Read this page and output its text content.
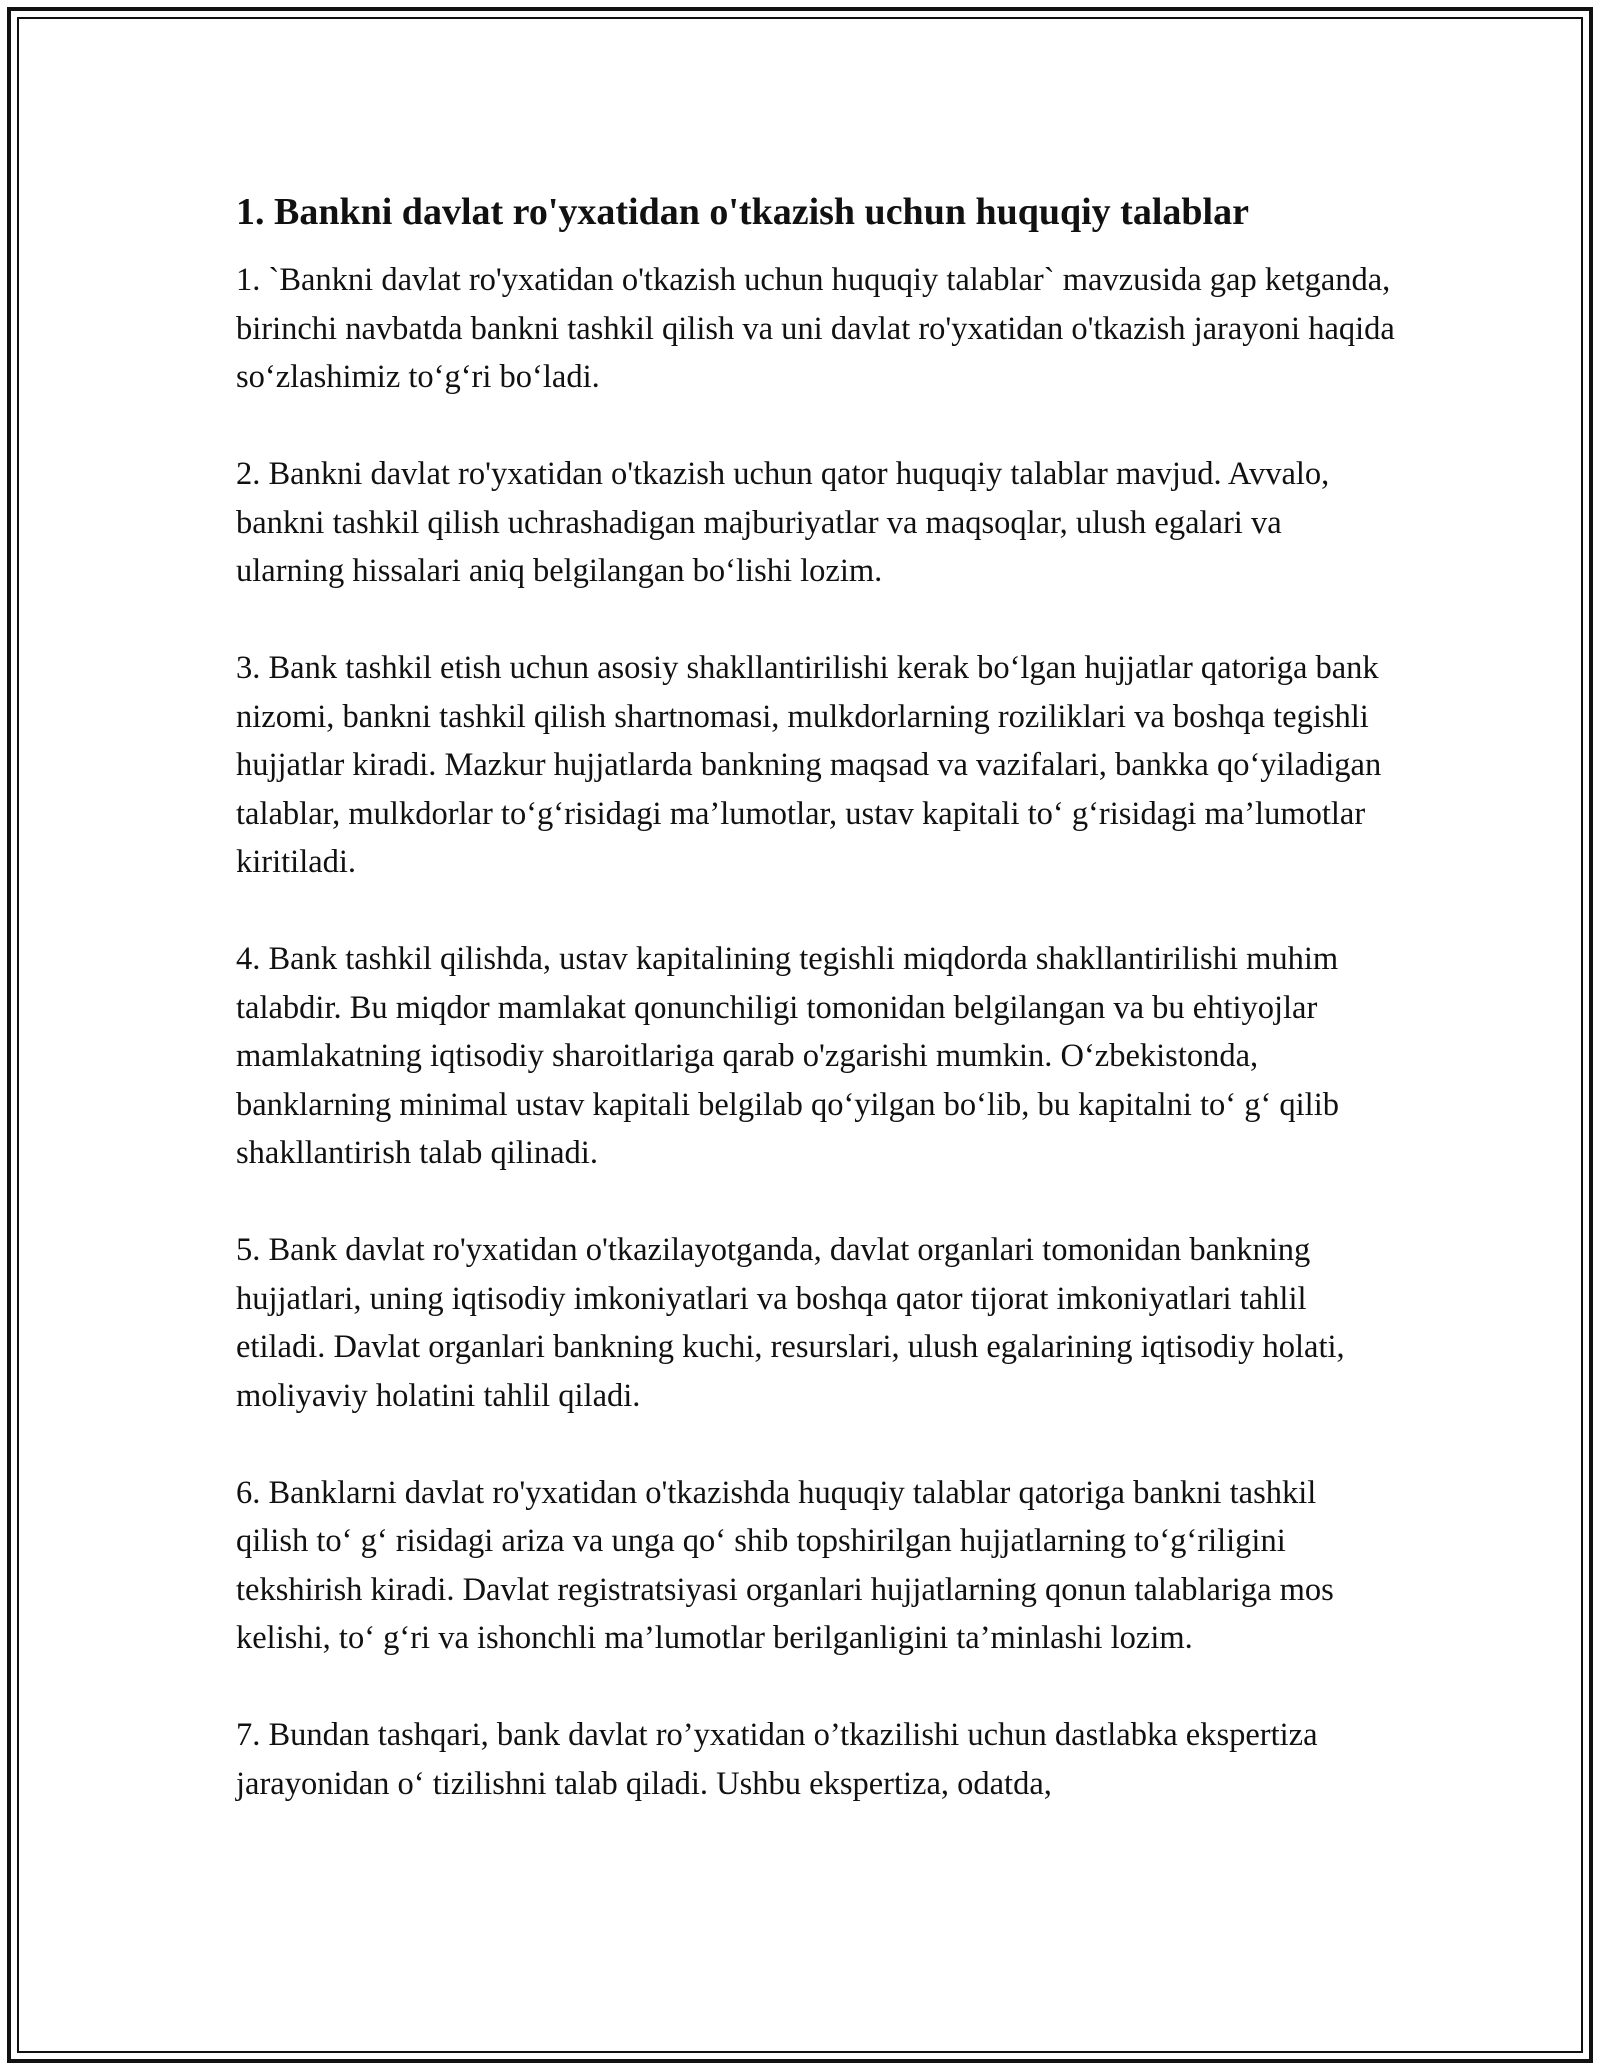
1. Bankni davlat ro'yxatidan o'tkazish uchun huquqiy talablar

1. `Bankni davlat ro'yxatidan o'tkazish uchun huquqiy talablar` mavzusida gap ketganda, birinchi navbatda bankni tashkil qilish va uni davlat ro'yxatidan o'tkazish jarayoni haqida so‘zlashimiz to‘g‘ri bo‘ladi.

2. Bankni davlat ro'yxatidan o'tkazish uchun qator huquqiy talablar mavjud. Avvalo, bankni tashkil qilish uchrashadigan majburiyatlar va maqsoqlar, ulush egalari va ularning hissalari aniq belgilangan bo‘lishi lozim.

3. Bank tashkil etish uchun asosiy shakllantirilishi kerak bo‘lgan hujjatlar qatoriga bank nizomi, bankni tashkil qilish shartnomasi, mulkdorlarning roziliklari va boshqa tegishli hujjatlar kiradi. Mazkur hujjatlarda bankning maqsad va vazifalari, bankka qo‘yiladigan talablar, mulkdorlar to‘g‘risidagi ma’lumotlar, ustav kapitali to‘ g‘risidagi ma’lumotlar kiritiladi.

4. Bank tashkil qilishda, ustav kapitalining tegishli miqdorda shakllantirilishi muhim talabdir. Bu miqdor mamlakat qonunchiligi tomonidan belgilangan va bu ehtiyojlar mamlakatning iqtisodiy sharoitlariga qarab o'zgarishi mumkin. O‘zbekistonda, banklarning minimal ustav kapitali belgilab qo‘yilgan bo‘lib, bu kapitalni to‘ g‘ qilib shakllantirish talab qilinadi.

5. Bank davlat ro'yxatidan o'tkazilayotganda, davlat organlari tomonidan bankning hujjatlari, uning iqtisodiy imkoniyatlari va boshqa qator tijorat imkoniyatlari tahlil etiladi. Davlat organlari bankning kuchi, resurslari, ulush egalarining iqtisodiy holati, moliyaviy holatini tahlil qiladi.

6. Banklarni davlat ro'yxatidan o'tkazishda huquqiy talablar qatoriga bankni tashkil qilish to‘ g‘ risidagi ariza va unga qo‘ shib topshirilgan hujjatlarning to‘g‘riligini tekshirish kiradi. Davlat registratsiyasi organlari hujjatlarning qonun talablariga mos kelishi, to‘ g‘ri va ishonchli ma’lumotlar berilganligini ta’minlashi lozim.

7. Bundan tashqari, bank davlat ro’yxatidan o’tkazilishi uchun dastlabka ekspertiza jarayonidan o‘ tizilishni talab qiladi. Ushbu ekspertiza, odatda,
